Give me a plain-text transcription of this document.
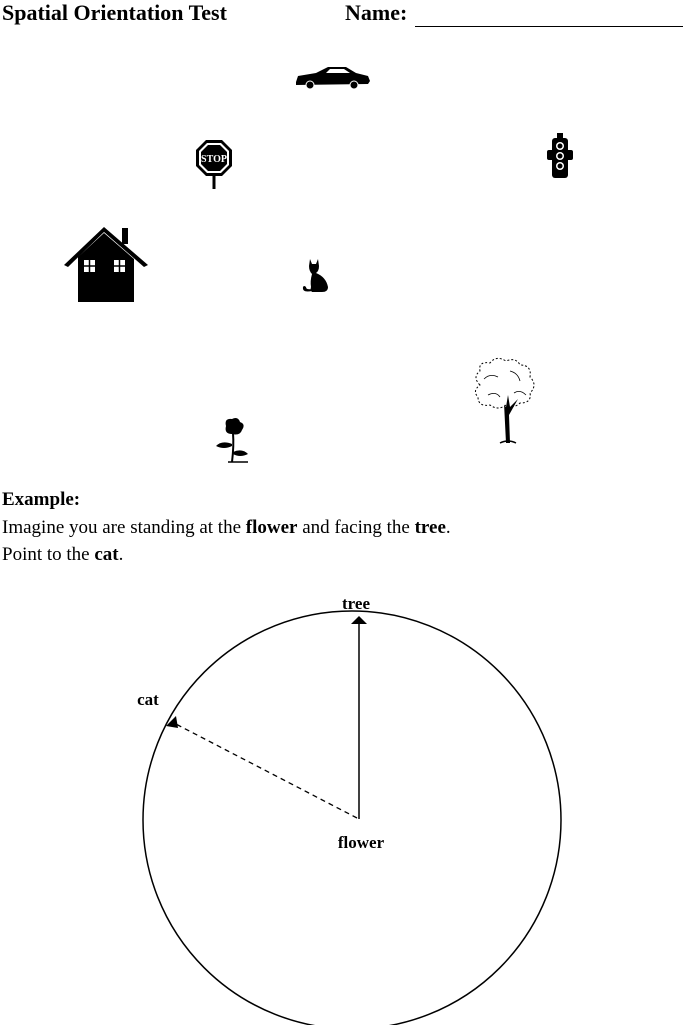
Spatial Orientation Test	Name:
STOP
Example:
Imagine you are standing at the flower and facing the tree.
Point to the cat.
tree
cat
flower
